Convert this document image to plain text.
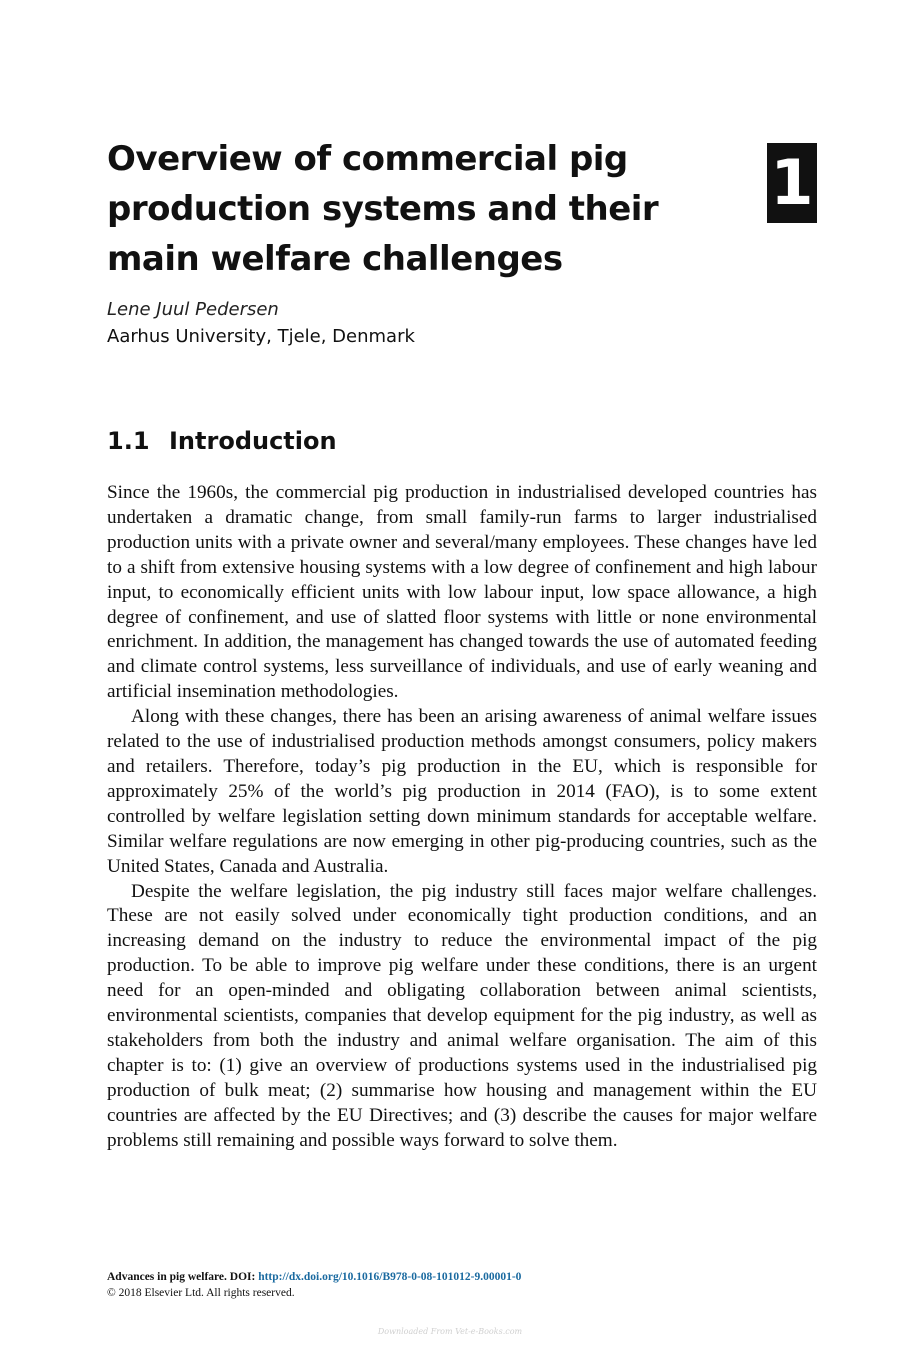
Overview of commercial pig
production systems and their
main welfare challenges
1

Lene Juul Pedersen

Aarhus University, Tjele, Denmark

1.1 Introduction

Since the 1960s, the commercial pig production in industrialised developed countries has undertaken a dramatic change, from small family-run farms to larger industrialised production units with a private owner and several/many employees. These changes have led to a shift from extensive housing systems with a low degree of confinement and high labour input, to economically efficient units with low labour input, low space allowance, a high degree of confinement, and use of slatted floor systems with little or none environmental enrichment. In addition, the management has changed towards the use of automated feeding and climate control systems, less surveillance of individuals, and use of early weaning and artificial insemination methodologies.

Along with these changes, there has been an arising awareness of animal welfare issues related to the use of industrialised production methods amongst consumers, policy makers and retailers. Therefore, today’s pig production in the EU, which is responsible for approximately 25% of the world’s pig production in 2014 (FAO), is to some extent controlled by welfare legislation setting down minimum standards for acceptable welfare. Similar welfare regulations are now emerging in other pig-producing countries, such as the United States, Canada and Australia.

Despite the welfare legislation, the pig industry still faces major welfare challenges. These are not easily solved under economically tight production conditions, and an increasing demand on the industry to reduce the environmental impact of the pig production. To be able to improve pig welfare under these conditions, there is an urgent need for an open-minded and obligating collaboration between animal scientists, environmental scientists, companies that develop equipment for the pig industry, as well as stakeholders from both the industry and animal welfare organisation. The aim of this chapter is to: (1) give an overview of productions systems used in the industrialised pig production of bulk meat; (2) summarise how housing and management within the EU countries are affected by the EU Directives; and (3) describe the causes for major welfare problems still remaining and possible ways forward to solve them.

Advances in pig welfare. DOI: http://dx.doi.org/10.1016/B978-0-08-101012-9.00001-0
© 2018 Elsevier Ltd. All rights reserved.
Downloaded From Vet-e-Books.com
